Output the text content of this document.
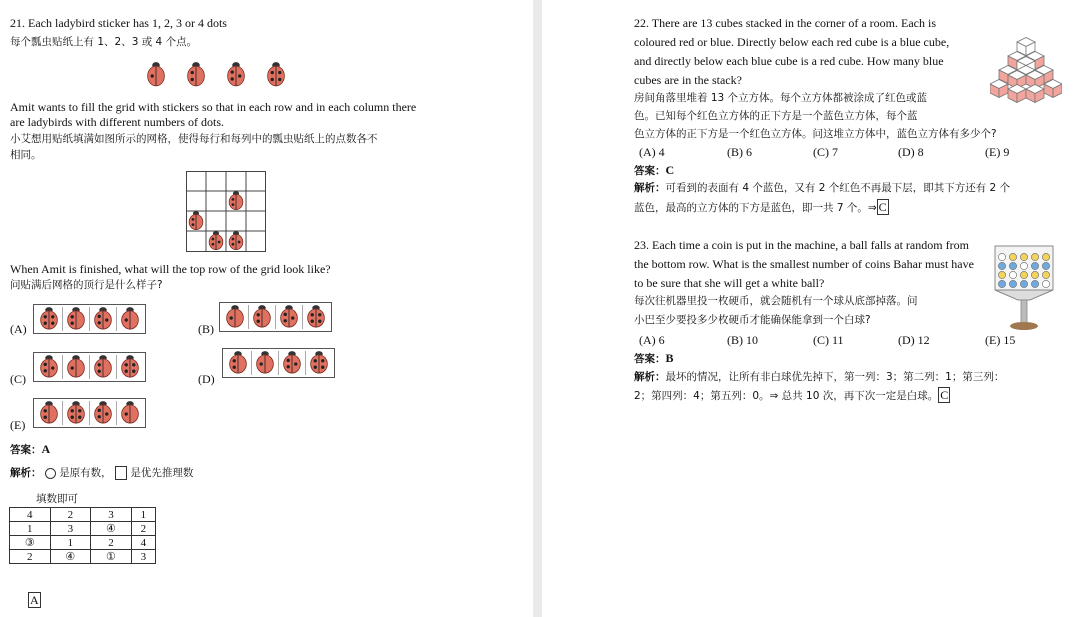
21. Each ladybird sticker has 1, 2, 3 or 4 dots
每个瓢虫贴纸上有 1、2、3 或 4 个点。
Amit wants to fill the grid with stickers so that in each row and in each column there
are ladybirds with different numbers of dots.
小艾想用贴纸填满如图所示的网格，使得每行和每列中的瓢虫贴纸上的点数各不
相同。
When Amit is finished, what will the top row of the grid look like?
问贴满后网格的顶行是什么样子?
(A)	(B)
(C)	(D)
(E)
答案：A
解析： 是原有数， 是优先推理数
填数即可
4	2	3	1
1	3	④	2
③	1	2	4
2	④	①	3
A
22. There are 13 cubes stacked in the corner of a room. Each is
coloured red or blue. Directly below each red cube is a blue cube,
and directly below each blue cube is a red cube. How many blue
cubes are in the stack?
房间角落里堆着 13 个立方体。每个立方体都被涂成了红色或蓝
色。已知每个红色立方体的正下方是一个蓝色立方体，每个蓝
色立方体的正下方是一个红色立方体。问这堆立方体中，蓝色立方体有多少个?
(A) 4	(B) 6	(C) 7	(D) 8	(E) 9
答案：C
解析：可看到的表面有 4 个蓝色，又有 2 个红色不再最下层，即其下方还有 2 个
蓝色，最高的立方体的下方是蓝色，即一共 7 个。⇒ C
23. Each time a coin is put in the machine, a ball falls at random from
the bottom row. What is the smallest number of coins Bahar must have
to be sure that she will get a white ball?
每次往机器里投一枚硬币，就会随机有一个球从底部掉落。问
小巴至少要投多少枚硬币才能确保能拿到一个白球?
(A) 6	(B) 10	(C) 11	(D) 12	(E) 15
答案：B
解析：最坏的情况，让所有非白球优先掉下，第一列：3；第二列：1；第三列：
2；第四列：4；第五列：0。⇒ 总共 10 次，再下次一定是白球。 C
